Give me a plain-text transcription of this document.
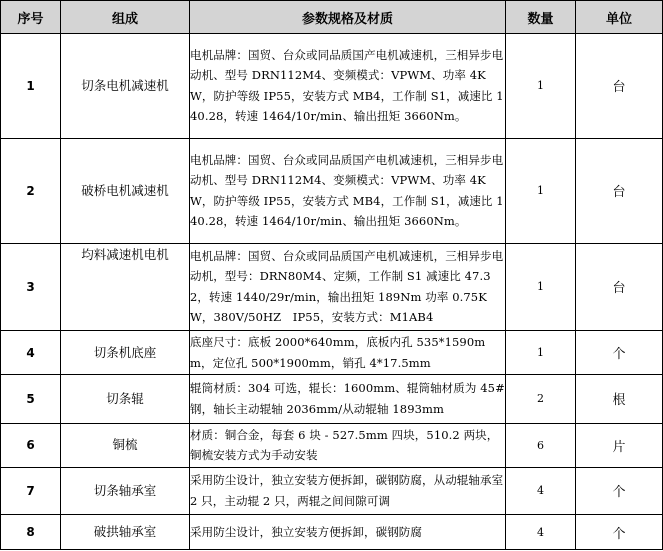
序号	组成	参数规格及材质	数量	单位
1	切条电机减速机	电机品牌：国贸、台众或同品质国产电机减速机，三相异步电动机、型号 DRN112M4、变频模式：VPWM、功率 4KW，防护等级 IP55，安装方式 MB4，工作制 S1，减速比 140.28，转速 1464/10r/min、输出扭矩 3660Nm。	1	台
2	破桥电机减速机	电机品牌：国贸、台众或同品质国产电机减速机，三相异步电动机、型号 DRN112M4、变频模式：VPWM、功率 4KW，防护等级 IP55，安装方式 MB4，工作制 S1，减速比 140.28，转速 1464/10r/min、输出扭矩 3660Nm。	1	台
3	均料减速机电机	电机品牌：国贸、台众或同品质国产电机减速机，三相异步电动机，型号：DRN80M4、定频，工作制 S1 减速比 47.32，转速 1440/29r/min，输出扭矩 189Nm 功率 0.75KW，380V/50HZ　IP55，安装方式：M1AB4	1	台
4	切条机底座	底座尺寸：底板 2000*640mm，底板内孔 535*1590mm，定位孔 500*1900mm，销孔 4*17.5mm	1	个
5	切条辊	辊筒材质：304 可选，辊长：1600mm、辊筒轴材质为 45#钢，轴长主动辊轴 2036mm/从动辊轴 1893mm	2	根
6	铜梳	材质：铜合金，每套 6 块 - 527.5mm 四块，510.2 两块，铜梳安装方式为手动安装	6	片
7	切条轴承室	采用防尘设计，独立安装方便拆卸，碳钢防腐，从动辊轴承室 2 只，主动辊 2 只，两辊之间间隙可调	4	个
8	破拱轴承室	采用防尘设计，独立安装方便拆卸，碳钢防腐	4	个
